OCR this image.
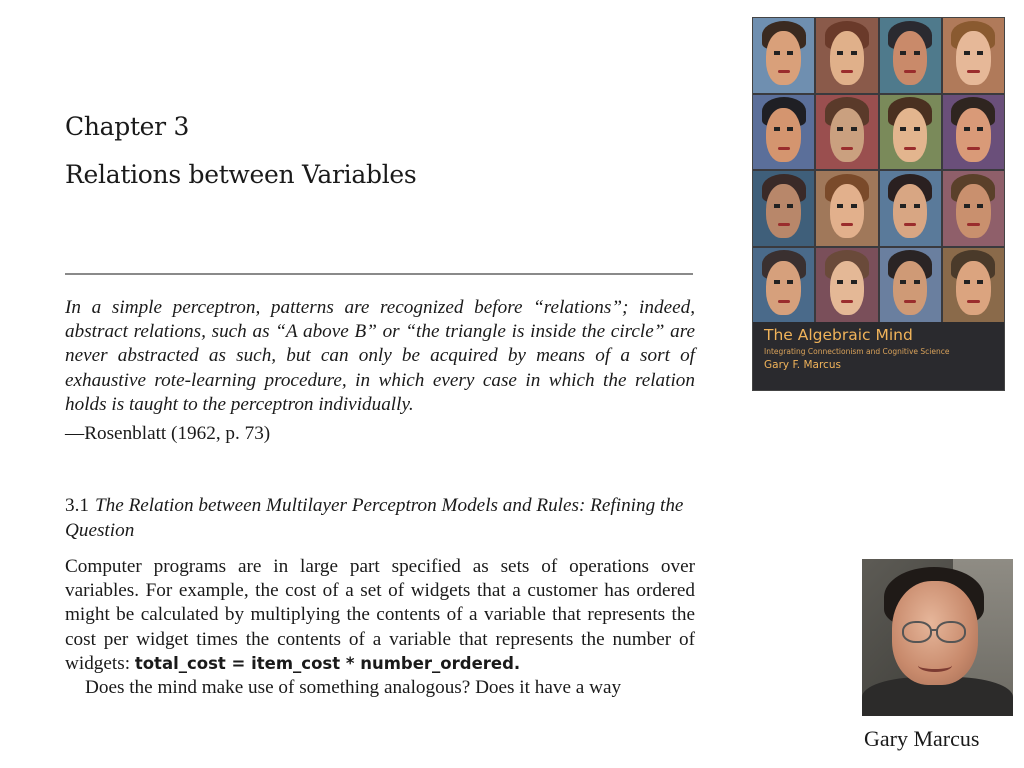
Chapter 3
Relations between Variables
In a simple perceptron, patterns are recognized before “relations”; indeed, abstract relations, such as “A above B” or “the triangle is inside the circle” are never abstracted as such, but can only be acquired by means of a sort of exhaustive rote-learning procedure, in which every case in which the relation holds is taught to the perceptron individually.
—Rosenblatt (1962, p. 73)
3.1 The Relation between Multilayer Perceptron Models and Rules: Refining the Question

Computer programs are in large part specified as sets of operations over variables. For example, the cost of a set of widgets that a customer has ordered might be calculated by multiplying the contents of a variable that represents the cost per widget times the contents of a variable that represents the number of widgets: total_cost = item_cost * number_ordered.

Does the mind make use of something analogous? Does it have a way

The Algebraic Mind
Integrating Connectionism and Cognitive Science
Gary F. Marcus
Gary Marcus
